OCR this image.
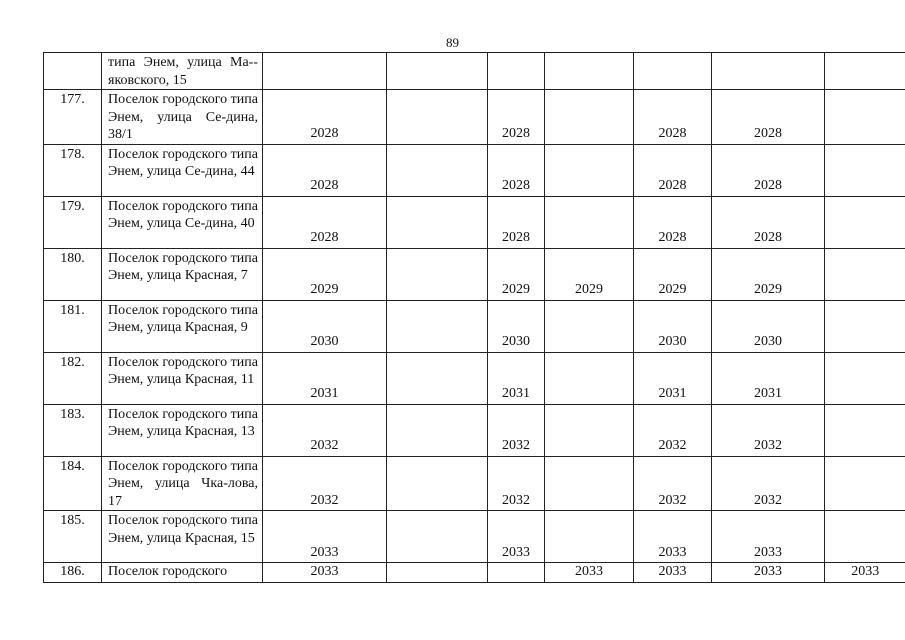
89
	типа Энем, улица Ма-яковского, 15							
177.	Поселок городского типа Энем, улица Се-дина, 38/1	2028		2028		2028	2028	
178.	Поселок городского типа Энем, улица Се-дина, 44	2028		2028		2028	2028	
179.	Поселок городского типа Энем, улица Се-дина, 40	2028		2028		2028	2028	
180.	Поселок городского типа Энем, улица Красная, 7	2029		2029	2029	2029	2029	
181.	Поселок городского типа Энем, улица Красная, 9	2030		2030		2030	2030	
182.	Поселок городского типа Энем, улица Красная, 11	2031		2031		2031	2031	
183.	Поселок городского типа Энем, улица Красная, 13	2032		2032		2032	2032	
184.	Поселок городского типа Энем, улица Чка-лова, 17	2032		2032		2032	2032	
185.	Поселок городского типа Энем, улица Красная, 15	2033		2033		2033	2033	
186.	Поселок городского	2033			2033	2033	2033	2033
